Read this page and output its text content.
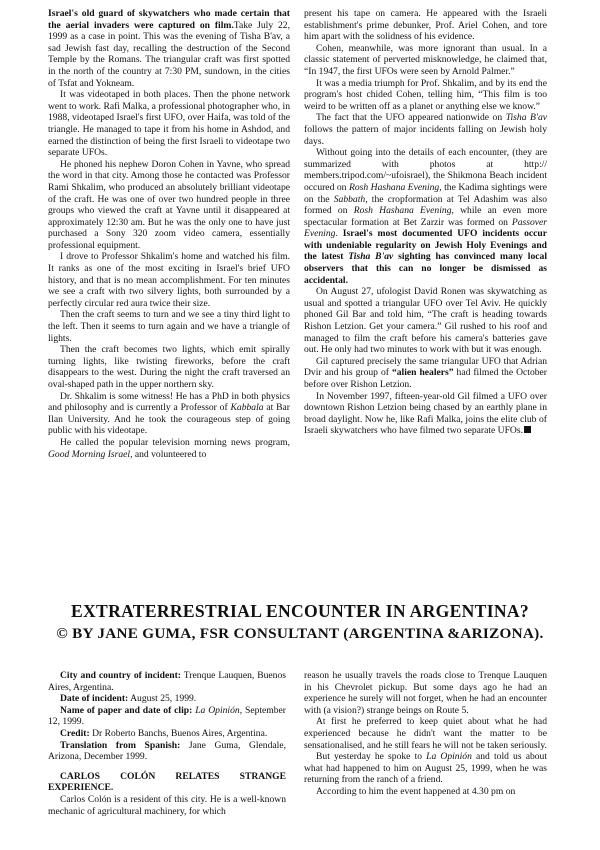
Israel's old guard of skywatchers who made certain that the aerial invaders were captured on film.Take July 22, 1999 as a case in point. This was the evening of Tisha B'av, a sad Jewish fast day, recalling the destruction of the Second Temple by the Romans. The triangular craft was first spotted in the north of the country at 7:30 PM, sundown, in the cities of Tsfat and Yokneam.

It was videotaped in both places. Then the phone network went to work. Rafi Malka, a professional photographer who, in 1988, videotaped Israel's first UFO, over Haifa, was told of the triangle. He managed to tape it from his home in Ashdod, and earned the distinction of being the first Israeli to videotape two separate UFOs.

He phoned his nephew Doron Cohen in Yavne, who spread the word in that city. Among those he contacted was Professor Rami Shkalim, who produced an absolutely brilliant videotape of the craft. He was one of over two hundred people in three groups who viewed the craft at Yavne until it disappeared at approximately 12:30 am. But he was the only one to have just purchased a Sony 320 zoom video camera, essentially professional equipment.

I drove to Professor Shkalim's home and watched his film. It ranks as one of the most exciting in Israel's brief UFO history, and that is no mean accomplishment. For ten minutes we see a craft with two silvery lights, both surrounded by a perfectly circular red aura twice their size.

Then the craft seems to turn and we see a tiny third light to the left. Then it seems to turn again and we have a triangle of lights.

Then the craft becomes two lights, which emit spirally turning lights, like twisting fireworks, before the craft disappears to the west. During the night the craft traversed an oval-shaped path in the upper northern sky.

Dr. Shkalim is some witness! He has a PhD in both physics and philosophy and is currently a Professor of Kabbala at Bar Ilan University. And he took the courageous step of going public with his videotape.

He called the popular television morning news program, Good Morning Israel, and volunteered to

present his tape on camera. He appeared with the Israeli establishment's prime debunker, Prof. Ariel Cohen, and tore him apart with the solidness of his evidence.

Cohen, meanwhile, was more ignorant than usual. In a classic statement of perverted misknowledge, he claimed that, “In 1947, the first UFOs were seen by Arnold Palmer.”

It was a media triumph for Prof. Shkalim, and by its end the program's host chided Cohen, telling him, “This film is too weird to be written off as a planet or anything else we know.”

The fact that the UFO appeared nationwide on Tisha B'av follows the pattern of major incidents falling on Jewish holy days.

Without going into the details of each encounter, (they are summarized with photos at http:// members.tripod.com/~ufoisrael), the Shikmona Beach incident occured on Rosh Hashana Evening, the Kadima sightings were on the Sabbath, the cropformation at Tel Adashim was also formed on Rosh Hashana Evening, while an even more spectacular formation at Bet Zarzir was formed on Passover Evening. Israel's most documented UFO incidents occur with undeniable regularity on Jewish Holy Evenings and the latest Tisha B'av sighting has convinced many local observers that this can no longer be dismissed as accidental.

On August 27, ufologist David Ronen was skywatching as usual and spotted a triangular UFO over Tel Aviv. He quickly phoned Gil Bar and told him, “The craft is heading towards Rishon Letzion. Get your camera.” Gil rushed to his roof and managed to film the craft before his camera's batteries gave out. He only had two minutes to work with but it was enough.

Gil captured precisely the same triangular UFO that Adrian Dvir and his group of “alien healers” had filmed the October before over Rishon Letzion.

In November 1997, fifteen-year-old Gil filmed a UFO over downtown Rishon Letzion being chased by an earthly plane in broad daylight. Now he, like Rafi Malka, joins the elite club of Israeli skywatchers who have filmed two separate UFOs.

EXTRATERRESTRIAL ENCOUNTER IN ARGENTINA?
© BY JANE GUMA, FSR CONSULTANT (ARGENTINA &ARIZONA).

City and country of incident: Trenque Lauquen, Buenos Aires, Argentina.

Date of incident: August 25, 1999.

Name of paper and date of clip: La Opinión, September 12, 1999.

Credit: Dr Roberto Banchs, Buenos Aires, Argentina.

Translation from Spanish: Jane Guma, Glendale, Arizona, December 1999.

CARLOS COLÓN RELATES STRANGE EXPERIENCE.

Carlos Colón is a resident of this city. He is a well-known mechanic of agricultural machinery, for which

reason he usually travels the roads close to Trenque Lauquen in his Chevrolet pickup. But some days ago he had an experience he surely will not forget, when he had an encounter with (a vision?) strange beings on Route 5.

At first he preferred to keep quiet about what he had experienced because he didn't want the matter to be sensationalised, and he still fears he will not be taken seriously.

But yesterday he spoke to La Opinión and told us about what had happened to him on August 25, 1999, when he was returning from the ranch of a friend.

According to him the event happened at 4.30 pm on
